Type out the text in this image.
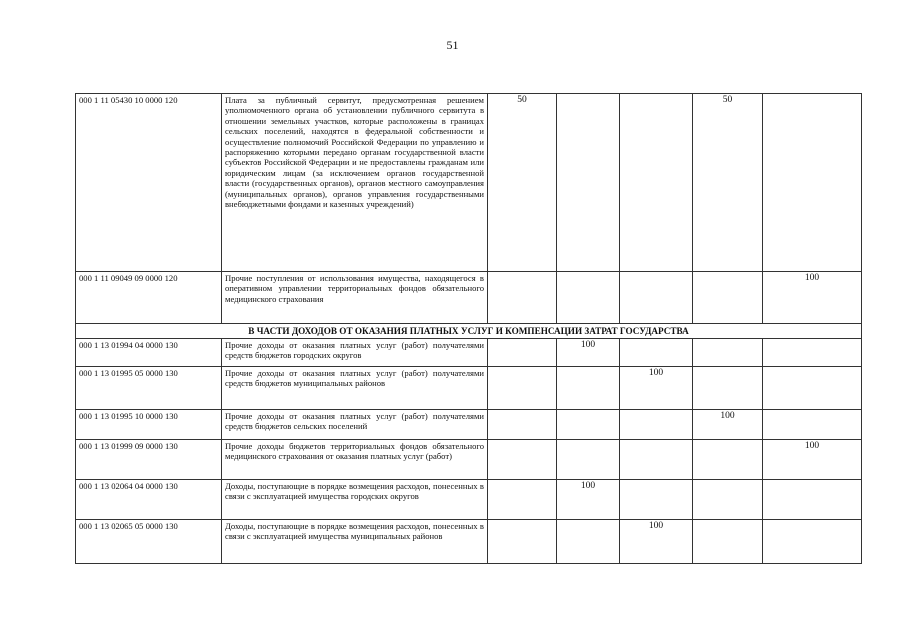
51
000 1 11 05430 10 0000 120	Плата за публичный сервитут, предусмотренная решением уполномоченного органа об установлении публичного сервитута в отношении земельных участков, которые расположены в границах сельских поселений, находятся в федеральной собственности и осуществление полномочий Российской Федерации по управлению и распоряжению которыми передано органам государственной власти субъектов Российской Федерации и не предоставлены гражданам или юридическим лицам (за исключением органов государственной власти (государственных органов), органов местного самоуправления (муниципальных органов), органов управления государственными внебюджетными фондами и казенных учреждений)	50			50	
000 1 11 09049 09 0000 120	Прочие поступления от использования имущества, находящегося в оперативном управлении территориальных фондов обязательного медицинского страхования					100
В ЧАСТИ ДОХОДОВ ОТ ОКАЗАНИЯ ПЛАТНЫХ УСЛУГ И КОМПЕНСАЦИИ ЗАТРАТ ГОСУДАРСТВА						
000 1 13 01994 04 0000 130	Прочие доходы от оказания платных услуг (работ) получателями средств бюджетов городских округов		100			
000 1 13 01995 05 0000 130	Прочие доходы от оказания платных услуг (работ) получателями средств бюджетов муниципальных районов			100		
000 1 13 01995 10 0000 130	Прочие доходы от оказания платных услуг (работ) получателями средств бюджетов сельских поселений				100	
000 1 13 01999 09 0000 130	Прочие доходы бюджетов территориальных фондов обязательного медицинского страхования от оказания платных услуг (работ)					100
000 1 13 02064 04 0000 130	Доходы, поступающие в порядке возмещения расходов, понесенных в связи с эксплуатацией имущества городских округов		100			
000 1 13 02065 05 0000 130	Доходы, поступающие в порядке возмещения расходов, понесенных в связи с эксплуатацией имущества муниципальных районов			100		
